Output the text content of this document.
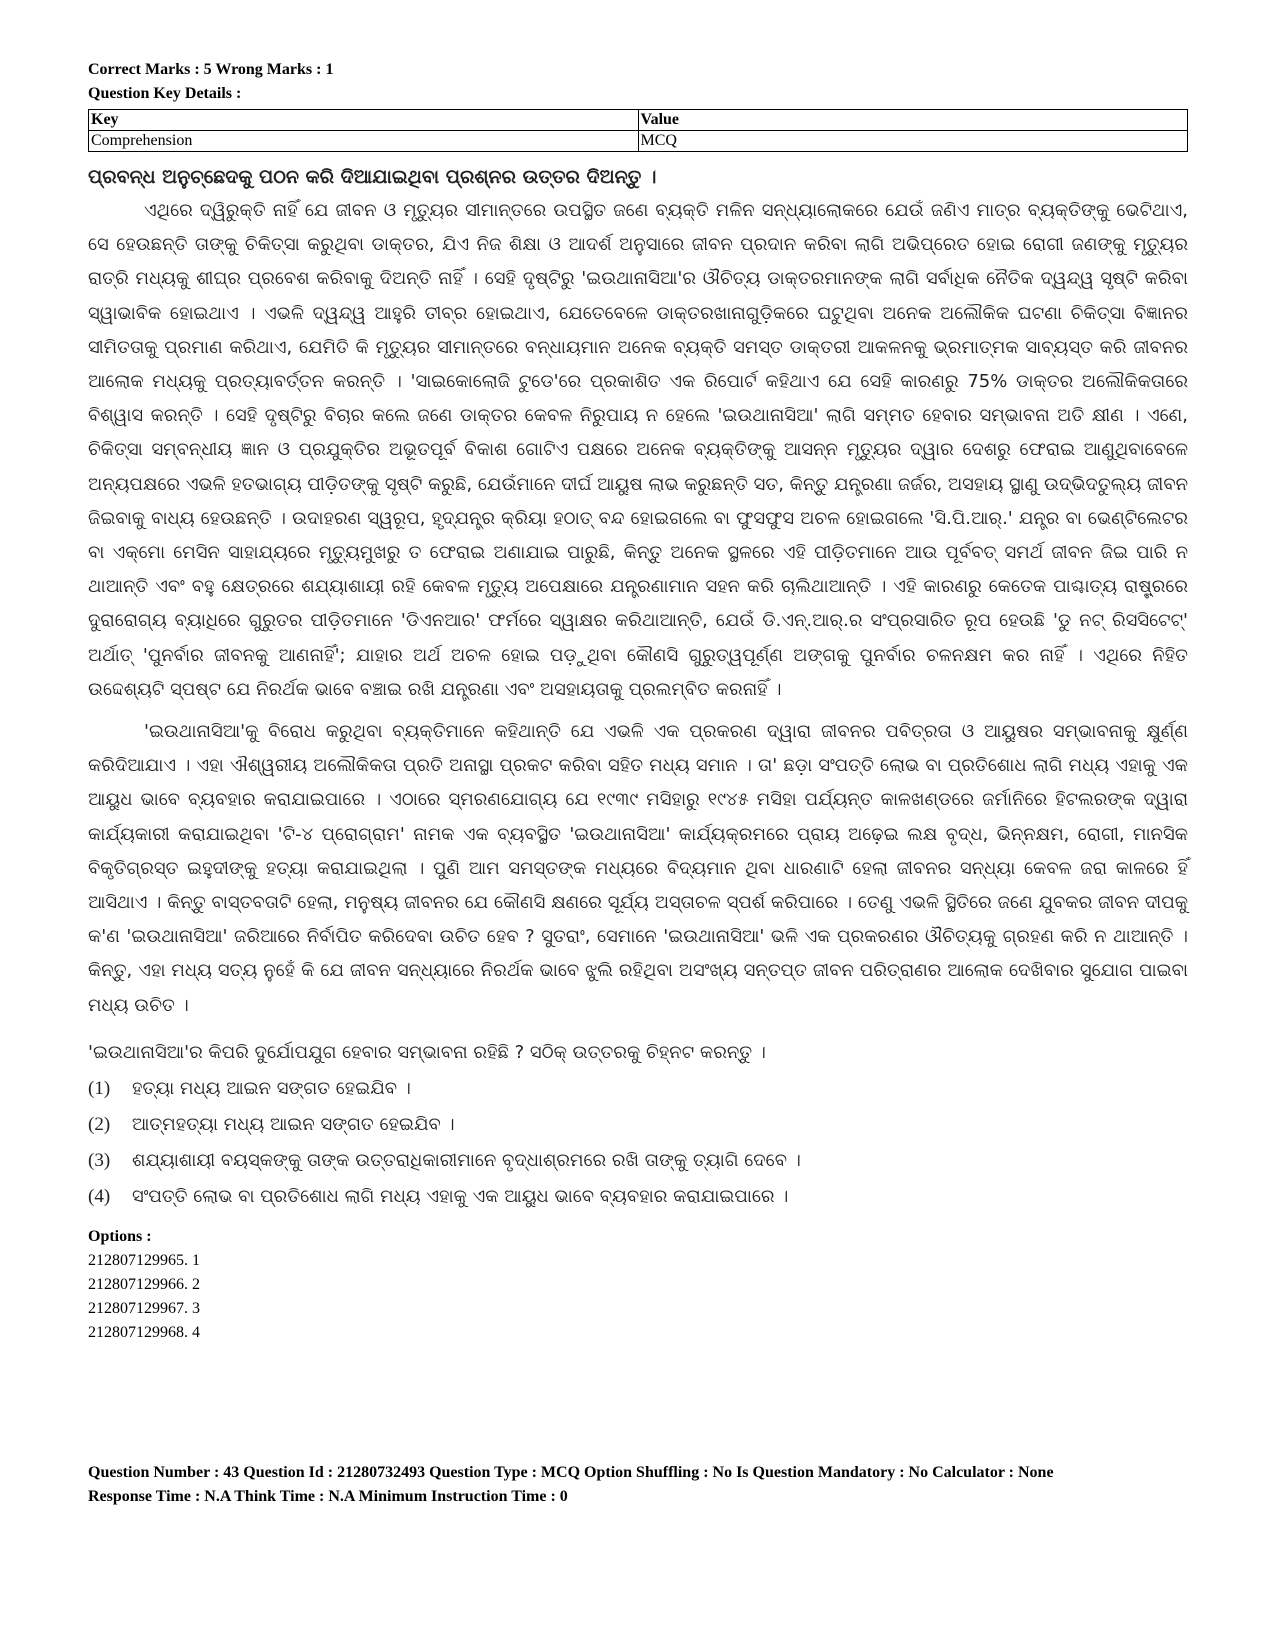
Correct Marks : 5 Wrong Marks : 1
Question Key Details :
Key	Value
Comprehension	MCQ
ପ୍ରବନ୍ଧ ଅନୁଚ୍ଛେଦକୁ ପଠନ କରି ଦିଆଯାଇଥିବା ପ୍ରଶ୍ନର ଉତ୍ତର ଦିଅନ୍ତୁ ।

ଏଥିରେ ଦ୍ୱିରୁକ୍ତି ନାହିଁ ଯେ ଜୀବନ ଓ ମୃତ୍ୟୁର ସୀମାନ୍ତରେ ଉପସ୍ଥିତ ଜଣେ ବ୍ୟକ୍ତି ମଳିନ ସନ୍ଧ୍ୟାଲୋକରେ ଯେଉଁ ଜଣିଏ ମାତ୍ର ବ୍ୟକ୍ତିଙ୍କୁ ଭେଟିଥାଏ, ସେ ହେଉଛନ୍ତି ତାଙ୍କୁ ଚିକିତ୍ସା କରୁଥିବା ଡାକ୍ତର, ଯିଏ ନିଜ ଶିକ୍ଷା ଓ ଆଦର୍ଶ ଅନୁସାରେ ଜୀବନ ପ୍ରଦାନ କରିବା ଲାଗି ଅଭିପ୍ରେତ ହୋଇ ରୋଗୀ ଜଣଙ୍କୁ ମୃତ୍ୟୁର ରାତ୍ରି ମଧ୍ୟକୁ ଶୀଘ୍ର ପ୍ରବେଶ କରିବାକୁ ଦିଅନ୍ତି ନାହିଁ । ସେହି ଦୃଷ୍ଟିରୁ 'ଇଉଥାନାସିଆ'ର ଔଚିତ୍ୟ ଡାକ୍ତରମାନଙ୍କ ଲାଗି ସର୍ବାଧିକ ନୈତିକ ଦ୍ୱନ୍ଦ୍ୱ ସୃଷ୍ଟି କରିବା ସ୍ୱାଭାବିକ ହୋଇଥାଏ । ଏଭଳି ଦ୍ୱନ୍ଦ୍ୱ ଆହୁରି ତୀବ୍ର ହୋଇଥାଏ, ଯେତେବେଳେ ଡାକ୍ତରଖାନାଗୁଡ଼ିକରେ ଘଟୁଥିବା ଅନେକ ଅଲୌକିକ ଘଟଣା ଚିକିତ୍ସା ବିଜ୍ଞାନର ସୀମିତତାକୁ ପ୍ରମାଣ କରିଥାଏ, ଯେମିତି କି ମୃତ୍ୟୁର ସୀମାନ୍ତରେ ବନ୍ଧାୟମାନ ଅନେକ ବ୍ୟକ୍ତି ସମସ୍ତ ଡାକ୍ତରୀ ଆକଳନକୁ ଭ୍ରମାତ୍ମକ ସାବ୍ୟସ୍ତ କରି ଜୀବନର ଆଲୋକ ମଧ୍ୟକୁ ପ୍ରତ୍ୟାବର୍ତ୍ତନ କରନ୍ତି । 'ସାଇକୋଲୋଜି ଟୁଡେ'ରେ ପ୍ରକାଶିତ ଏକ ରିପୋର୍ଟ କହିଥାଏ ଯେ ସେହି କାରଣରୁ 75% ଡାକ୍ତର ଅଲୌକିକତାରେ ବିଶ୍ୱାସ କରନ୍ତି । ସେହି ଦୃଷ୍ଟିରୁ ବିଚାର କଲେ ଜଣେ ଡାକ୍ତର କେବଳ ନିରୁପାୟ ନ ହେଲେ 'ଇଉଥାନାସିଆ' ଲାଗି ସମ୍ମତ ହେବାର ସମ୍ଭାବନା ଅତି କ୍ଷୀଣ । ଏଣେ, ଚିକିତ୍ସା ସମ୍ବନ୍ଧୀୟ ଜ୍ଞାନ ଓ ପ୍ରଯୁକ୍ତିର ଅଭୂତପୂର୍ବ ବିକାଶ ଗୋଟିଏ ପକ୍ଷରେ ଅନେକ ବ୍ୟକ୍ତିଙ୍କୁ ଆସନ୍ନ ମୃତ୍ୟୁର ଦ୍ୱାର ଦେଶରୁ ଫେରାଇ ଆଣୁଥିବାବେଳେ ଅନ୍ୟପକ୍ଷରେ ଏଭଳି ହତଭାଗ୍ୟ ପୀଡ଼ିତଙ୍କୁ ସୃଷ୍ଟି କରୁଛି, ଯେଉଁମାନେ ଦୀର୍ଘ ଆୟୁଷ ଲାଭ କରୁଛନ୍ତି ସତ, କିନ୍ତୁ ଯନ୍ତ୍ରଣା ଜର୍ଜର, ଅସହାୟ ସ୍ଥାଣୁ ଉଦ୍ଭିଦତୁଲ୍ୟ ଜୀବନ ଜିଇବାକୁ ବାଧ୍ୟ ହେଉଛନ୍ତି । ଉଦାହରଣ ସ୍ୱରୂପ, ହୃଦ୍‌ଯନ୍ତ୍ର କ୍ରିୟା ହଠାତ୍ ବନ୍ଦ ହୋଇଗଲେ ବା ଫୁସଫୁସ ଅଚଳ ହୋଇଗଲେ 'ସି.ପି.ଆର୍.' ଯନ୍ତ୍ର ବା ଭେଣ୍ଟିଲେଟର ବା ଏକ୍‌ମୋ ମେସିନ ସାହାଯ୍ୟରେ ମୃତ୍ୟୁମୁଖରୁ ତ ଫେରାଇ ଅଣାଯାଇ ପାରୁଛି, କିନ୍ତୁ ଅନେକ ସ୍ଥଳରେ ଏହି ପୀଡ଼ିତମାନେ ଆଉ ପୂର୍ବବତ୍ ସମର୍ଥ ଜୀବନ ଜିଇ ପାରି ନ ଥାଆନ୍ତି ଏବଂ ବହୁ କ୍ଷେତ୍ରରେ ଶଯ୍ୟାଶାୟୀ ରହି କେବଳ ମୃତ୍ୟୁ ଅପେକ୍ଷାରେ ଯନ୍ତ୍ରଣାମାନ ସହନ କରି ଚାଲିଥାଆନ୍ତି । ଏହି କାରଣରୁ କେତେକ ପାଶ୍ଚାତ୍ୟ ରାଷ୍ଟ୍ରରେ ଦୁରାରୋଗ୍ୟ ବ୍ୟାଧିରେ ଗୁରୁତର ପୀଡ଼ିତମାନେ 'ଡିଏନଆର' ଫର୍ମରେ ସ୍ୱାକ୍ଷର କରିଥାଆନ୍ତି, ଯେଉଁ ଡି.ଏନ୍.ଆର୍.ର ସଂପ୍ରସାରିତ ରୂପ ହେଉଛି 'ଡୁ ନଟ୍ ରିସସିଟେଟ୍' ଅର୍ଥାତ୍ 'ପୁନର୍ବାର ଜୀବନକୁ ଆଣନାହିଁ'; ଯାହାର ଅର୍ଥ ଅଚଳ ହୋଇ ପଡ଼ୁଥିବା କୌଣସି ଗୁରୁତ୍ୱପୂର୍ଣ୍ଣ ଅଙ୍ଗକୁ ପୁନର୍ବାର ଚଳନକ୍ଷମ କର ନାହିଁ । ଏଥିରେ ନିହିତ ଉଦ୍ଦେଶ୍ୟଟି ସ୍ପଷ୍ଟ ଯେ ନିରର୍ଥକ ଭାବେ ବଞ୍ଚାଇ ରଖି ଯନ୍ତ୍ରଣା ଏବଂ ଅସହାୟତାକୁ ପ୍ରଲମ୍ବିତ କରନାହିଁ ।

'ଇଉଥାନାସିଆ'କୁ ବିରୋଧ କରୁଥିବା ବ୍ୟକ୍ତିମାନେ କହିଥାନ୍ତି ଯେ ଏଭଳି ଏକ ପ୍ରକରଣ ଦ୍ୱାରା ଜୀବନର ପବିତ୍ରତା ଓ ଆୟୁଷର ସମ୍ଭାବନାକୁ କ୍ଷୁର୍ଣ୍ଣ କରିଦିଆଯାଏ । ଏହା ଐଶ୍ୱରୀୟ ଅଲୌକିକତା ପ୍ରତି ଅନାସ୍ଥା ପ୍ରକଟ କରିବା ସହିତ ମଧ୍ୟ ସମାନ । ତା' ଛଡ଼ା ସଂପତ୍ତି ଲୋଭ ବା ପ୍ରତିଶୋଧ ଲାଗି ମଧ୍ୟ ଏହାକୁ ଏକ ଆୟୁଧ ଭାବେ ବ୍ୟବହାର କରାଯାଇପାରେ । ଏଠାରେ ସ୍ମରଣଯୋଗ୍ୟ ଯେ ୧୯୩୯ ମସିହାରୁ ୧୯୪୫ ମସିହା ପର୍ଯ୍ୟନ୍ତ କାଳଖଣ୍ଡରେ ଜର୍ମାନିରେ ହିଟଲରଙ୍କ ଦ୍ୱାରା କାର୍ଯ୍ୟକାରୀ କରାଯାଇଥିବା 'ଟି-୪ ପ୍ରୋଗ୍ରାମ' ନାମକ ଏକ ବ୍ୟବସ୍ଥିତ 'ଇଉଥାନାସିଆ' କାର୍ଯ୍ୟକ୍ରମରେ ପ୍ରାୟ ଅଢ଼େଇ ଲକ୍ଷ ବୃଦ୍ଧ, ଭିନ୍ନକ୍ଷମ, ରୋଗୀ, ମାନସିକ ବିକୃତିଗ୍ରସ୍ତ ଇହୁଦୀଙ୍କୁ ହତ୍ୟା କରାଯାଇଥିଲା । ପୁଣି ଆମ ସମସ୍ତଙ୍କ ମଧ୍ୟରେ ବିଦ୍ୟମାନ ଥିବା ଧାରଣାଟି ହେଲା ଜୀବନର ସନ୍ଧ୍ୟା କେବଳ ଜରା କାଳରେ ହିଁ ଆସିଥାଏ । କିନ୍ତୁ ବାସ୍ତବତାଟି ହେଲା, ମନୁଷ୍ୟ ଜୀବନର ଯେ କୌଣସି କ୍ଷଣରେ ସୂର୍ଯ୍ୟ ଅସ୍ତାଚଳ ସ୍ପର୍ଶ କରିପାରେ । ତେଣୁ ଏଭଳି ସ୍ଥିତିରେ ଜଣେ ଯୁବକର ଜୀବନ ଦୀପକୁ କ'ଣ 'ଇଉଥାନାସିଆ' ଜରିଆରେ ନିର୍ବାପିତ କରିଦେବା ଉଚିତ ହେବ ? ସୁତରାଂ, ସେମାନେ 'ଇଉଥାନାସିଆ' ଭଳି ଏକ ପ୍ରକରଣର ଔଚିତ୍ୟକୁ ଗ୍ରହଣ କରି ନ ଥାଆନ୍ତି । କିନ୍ତୁ, ଏହା ମଧ୍ୟ ସତ୍ୟ ନୁହେଁ କି ଯେ ଜୀବନ ସନ୍ଧ୍ୟାରେ ନିରର୍ଥକ ଭାବେ ଝୁଲି ରହିଥିବା ଅସଂଖ୍ୟ ସନ୍ତପ୍ତ ଜୀବନ ପରିତ୍ରାଣର ଆଲୋକ ଦେଖିବାର ସୁଯୋଗ ପାଇବା ମଧ୍ୟ ଉଚିତ ।

'ଇଉଥାନାସିଆ'ର କିପରି ଦୁର୍ଯୋପଯୁଗ ହେବାର ସମ୍ଭାବନା ରହିଛି ? ସଠିକ୍ ଉତ୍ତରକୁ ଚିହ୍ନଟ କରନ୍ତୁ ।
(1)	ହତ୍ୟା ମଧ୍ୟ ଆଇନ ସଙ୍ଗତ ହେଇଯିବ ।
(2)	ଆତ୍ମହତ୍ୟା ମଧ୍ୟ ଆଇନ ସଙ୍ଗତ ହେଇଯିବ ।
(3)	ଶଯ୍ୟାଶାୟୀ ବୟସ୍କଙ୍କୁ ତାଙ୍କ ଉତ୍ତରାଧିକାରୀମାନେ ବୃଦ୍ଧାଶ୍ରମରେ ରଖି ତାଙ୍କୁ ତ୍ୟାଗି ଦେବେ ।
(4)	ସଂପତ୍ତି ଲୋଭ ବା ପ୍ରତିଶୋଧ ଲାଗି ମଧ୍ୟ ଏହାକୁ ଏକ ଆୟୁଧ ଭାବେ ବ୍ୟବହାର କରାଯାଇପାରେ ।
Options :
212807129965. 1
212807129966. 2
212807129967. 3
212807129968. 4
Question Number : 43 Question Id : 21280732493 Question Type : MCQ Option Shuffling : No Is Question Mandatory : No Calculator : None
Response Time : N.A Think Time : N.A Minimum Instruction Time : 0
